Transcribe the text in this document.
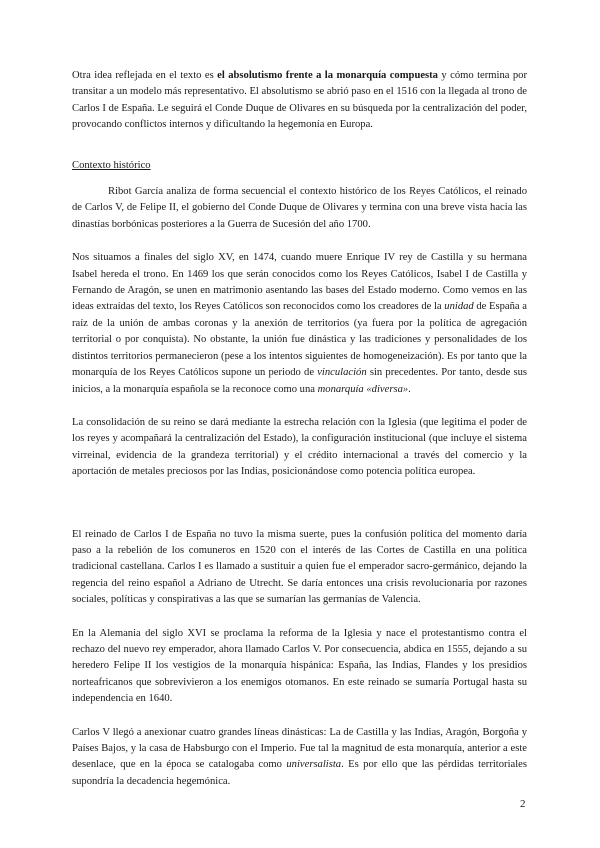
Otra idea reflejada en el texto es el absolutismo frente a la monarquía compuesta y cómo termina por transitar a un modelo más representativo. El absolutismo se abrió paso en el 1516 con la llegada al trono de Carlos I de España. Le seguirá el Conde Duque de Olivares en su búsqueda por la centralización del poder, provocando conflictos internos y dificultando la hegemonía en Europa.

Contexto histórico

Ribot García analiza de forma secuencial el contexto histórico de los Reyes Católicos, el reinado de Carlos V, de Felipe II, el gobierno del Conde Duque de Olivares y termina con una breve vista hacia las dinastías borbónicas posteriores a la Guerra de Sucesión del año 1700.

Nos situamos a finales del siglo XV, en 1474, cuando muere Enrique IV rey de Castilla y su hermana Isabel hereda el trono. En 1469 los que serán conocidos como los Reyes Católicos, Isabel I de Castilla y Fernando de Aragón, se unen en matrimonio asentando las bases del Estado moderno. Como vemos en las ideas extraídas del texto, los Reyes Católicos son reconocidos como los creadores de la unidad de España a raíz de la unión de ambas coronas y la anexión de territorios (ya fuera por la política de agregación territorial o por conquista). No obstante, la unión fue dinástica y las tradiciones y personalidades de los distintos territorios permanecieron (pese a los intentos siguientes de homogeneización). Es por tanto que la monarquía de los Reyes Católicos supone un periodo de vinculación sin precedentes. Por tanto, desde sus inicios, a la monarquía española se la reconoce como una monarquía «diversa».

La consolidación de su reino se dará mediante la estrecha relación con la Iglesia (que legitima el poder de los reyes y acompañará la centralización del Estado), la configuración institucional (que incluye el sistema virreinal, evidencia de la grandeza territorial) y el crédito internacional a través del comercio y la aportación de metales preciosos por las Indias, posicionándose como potencia política europea.

El reinado de Carlos I de España no tuvo la misma suerte, pues la confusión política del momento daría paso a la rebelión de los comuneros en 1520 con el interés de las Cortes de Castilla en una política tradicional castellana. Carlos I es llamado a sustituir a quien fue el emperador sacro-germánico, dejando la regencia del reino español a Adriano de Utrecht. Se daría entonces una crisis revolucionaria por razones sociales, políticas y conspirativas a las que se sumarían las germanías de Valencia.

En la Alemania del siglo XVI se proclama la reforma de la Iglesia y nace el protestantismo contra el rechazo del nuevo rey emperador, ahora llamado Carlos V. Por consecuencia, abdica en 1555, dejando a su heredero Felipe II los vestigios de la monarquía hispánica: España, las Indias, Flandes y los presidios norteafricanos que sobrevivieron a los enemigos otomanos. En este reinado se sumaría Portugal hasta su independencia en 1640.

Carlos V llegó a anexionar cuatro grandes líneas dinásticas: La de Castilla y las Indias, Aragón, Borgoña y Países Bajos, y la casa de Habsburgo con el Imperio. Fue tal la magnitud de esta monarquía, anterior a este desenlace, que en la época se catalogaba como universalista. Es por ello que las pérdidas territoriales supondría la decadencia hegemónica.

2
